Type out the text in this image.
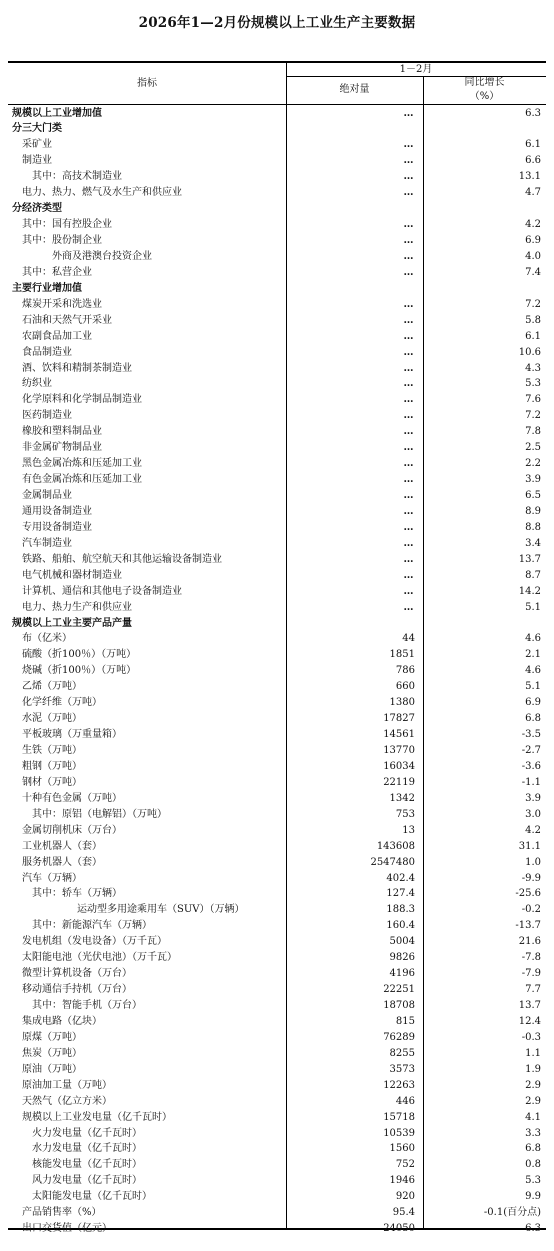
2026年1—2月份规模以上工业生产主要数据
指标
1－2月
绝对量
同比增长
（%）
规模以上工业增加值	…	6.3
分三大门类
采矿业	…	6.1
制造业	…	6.6
其中：高技术制造业	…	13.1
电力、热力、燃气及水生产和供应业	…	4.7
分经济类型
其中：国有控股企业	…	4.2
其中：股份制企业	…	6.9
外商及港澳台投资企业	…	4.0
其中：私营企业	…	7.4
主要行业增加值
煤炭开采和洗选业	…	7.2
石油和天然气开采业	…	5.8
农副食品加工业	…	6.1
食品制造业	…	10.6
酒、饮料和精制茶制造业	…	4.3
纺织业	…	5.3
化学原料和化学制品制造业	…	7.6
医药制造业	…	7.2
橡胶和塑料制品业	…	7.8
非金属矿物制品业	…	2.5
黑色金属冶炼和压延加工业	…	2.2
有色金属冶炼和压延加工业	…	3.9
金属制品业	…	6.5
通用设备制造业	…	8.9
专用设备制造业	…	8.8
汽车制造业	…	3.4
铁路、船舶、航空航天和其他运输设备制造业	…	13.7
电气机械和器材制造业	…	8.7
计算机、通信和其他电子设备制造业	…	14.2
电力、热力生产和供应业	…	5.1
规模以上工业主要产品产量
布（亿米）	44	4.6
硫酸（折100％）（万吨）	1851	2.1
烧碱（折100％）（万吨）	786	4.6
乙烯（万吨）	660	5.1
化学纤维（万吨）	1380	6.9
水泥（万吨）	17827	6.8
平板玻璃（万重量箱）	14561	-3.5
生铁（万吨）	13770	-2.7
粗钢（万吨）	16034	-3.6
钢材（万吨）	22119	-1.1
十种有色金属（万吨）	1342	3.9
其中：原铝（电解铝）（万吨）	753	3.0
金属切削机床（万台）	13	4.2
工业机器人（套）	143608	31.1
服务机器人（套）	2547480	1.0
汽车（万辆）	402.4	-9.9
其中：轿车（万辆）	127.4	-25.6
运动型多用途乘用车（SUV）（万辆）	188.3	-0.2
其中：新能源汽车（万辆）	160.4	-13.7
发电机组（发电设备）（万千瓦）	5004	21.6
太阳能电池（光伏电池）（万千瓦）	9826	-7.8
微型计算机设备（万台）	4196	-7.9
移动通信手持机（万台）	22251	7.7
其中：智能手机（万台）	18708	13.7
集成电路（亿块）	815	12.4
原煤（万吨）	76289	-0.3
焦炭（万吨）	8255	1.1
原油（万吨）	3573	1.9
原油加工量（万吨）	12263	2.9
天然气（亿立方米）	446	2.9
规模以上工业发电量（亿千瓦时）	15718	4.1
火力发电量（亿千瓦时）	10539	3.3
水力发电量（亿千瓦时）	1560	6.8
核能发电量（亿千瓦时）	752	0.8
风力发电量（亿千瓦时）	1946	5.3
太阳能发电量（亿千瓦时）	920	9.9
产品销售率（%）	95.4	-0.1(百分点)
出口交货值（亿元）	24050	6.3
